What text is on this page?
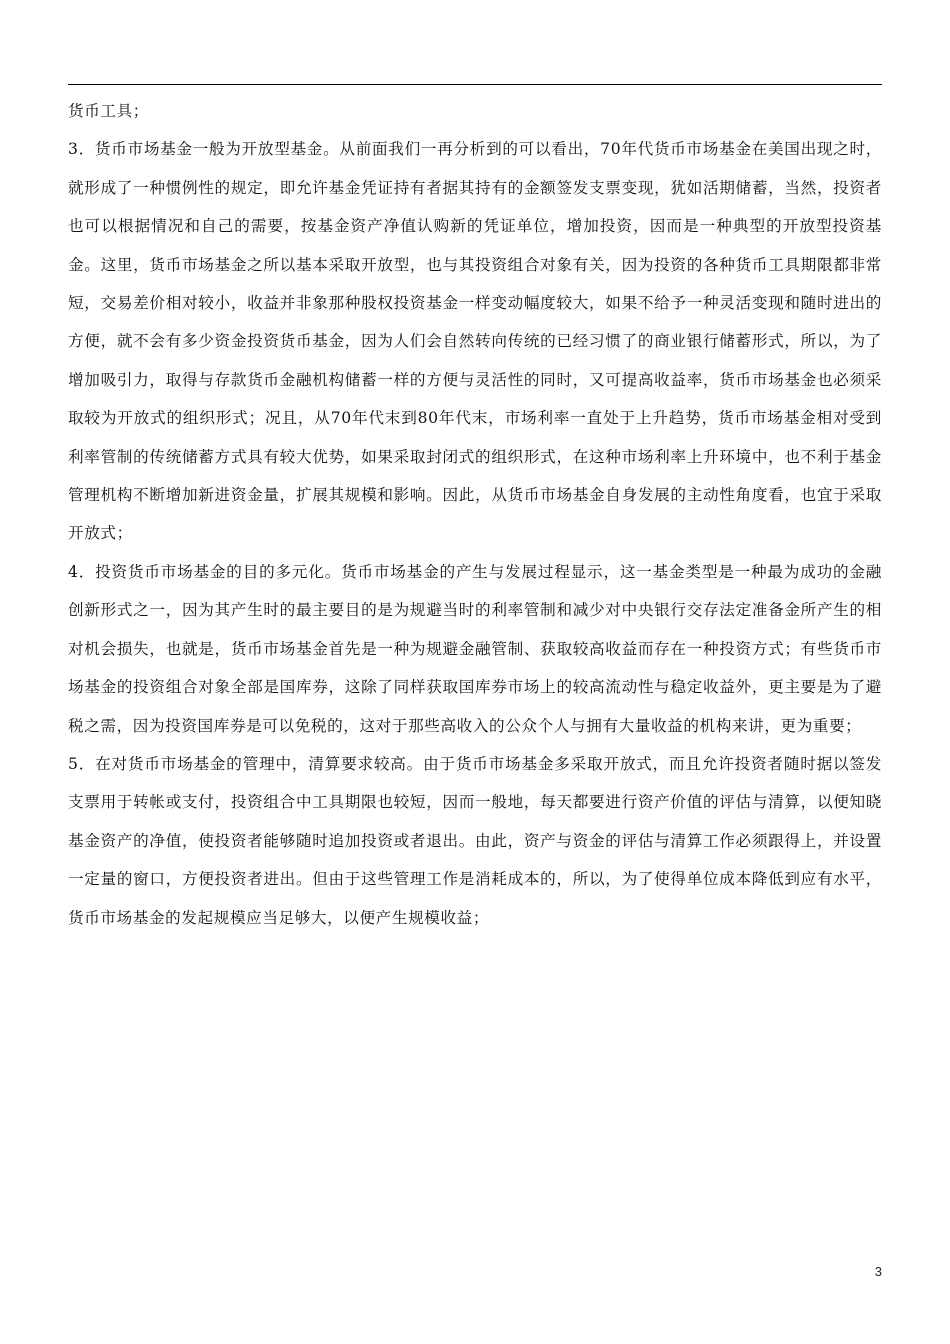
货币工具；

3．货币市场基金一般为开放型基金。从前面我们一再分析到的可以看出，70年代货币市场基金在美国出现之时，就形成了一种惯例性的规定，即允许基金凭证持有者据其持有的金额签发支票变现，犹如活期储蓄，当然，投资者也可以根据情况和自己的需要，按基金资产净值认购新的凭证单位，增加投资，因而是一种典型的开放型投资基金。这里，货币市场基金之所以基本采取开放型，也与其投资组合对象有关，因为投资的各种货币工具期限都非常短，交易差价相对较小，收益并非象那种股权投资基金一样变动幅度较大，如果不给予一种灵活变现和随时进出的方便，就不会有多少资金投资货币基金，因为人们会自然转向传统的已经习惯了的商业银行储蓄形式，所以，为了增加吸引力，取得与存款货币金融机构储蓄一样的方便与灵活性的同时，又可提高收益率，货币市场基金也必须采取较为开放式的组织形式；况且，从70年代末到80年代末，市场利率一直处于上升趋势，货币市场基金相对受到利率管制的传统储蓄方式具有较大优势，如果采取封闭式的组织形式，在这种市场利率上升环境中，也不利于基金管理机构不断增加新进资金量，扩展其规模和影响。因此，从货币市场基金自身发展的主动性角度看，也宜于采取开放式；

4．投资货币市场基金的目的多元化。货币市场基金的产生与发展过程显示，这一基金类型是一种最为成功的金融创新形式之一，因为其产生时的最主要目的是为规避当时的利率管制和减少对中央银行交存法定准备金所产生的相对机会损失，也就是，货币市场基金首先是一种为规避金融管制、获取较高收益而存在一种投资方式；有些货币市场基金的投资组合对象全部是国库券，这除了同样获取国库券市场上的较高流动性与稳定收益外，更主要是为了避税之需，因为投资国库券是可以免税的，这对于那些高收入的公众个人与拥有大量收益的机构来讲，更为重要；

5．在对货币市场基金的管理中，清算要求较高。由于货币市场基金多采取开放式，而且允许投资者随时据以签发支票用于转帐或支付，投资组合中工具期限也较短，因而一般地，每天都要进行资产价值的评估与清算，以便知晓基金资产的净值，使投资者能够随时追加投资或者退出。由此，资产与资金的评估与清算工作必须跟得上，并设置一定量的窗口，方便投资者进出。但由于这些管理工作是消耗成本的，所以，为了使得单位成本降低到应有水平，货币市场基金的发起规模应当足够大，以便产生规模收益；

3
